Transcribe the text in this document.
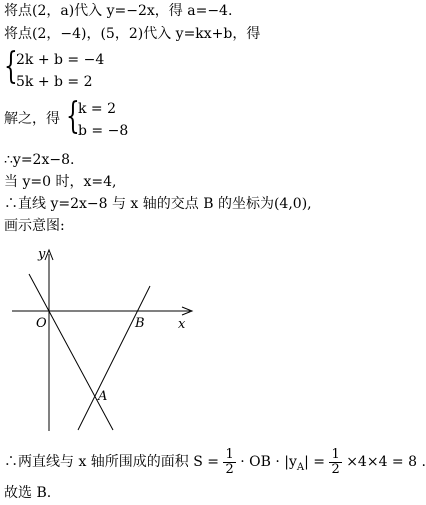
将点(2，a)代入 y=−2x，得 a=−4.
将点(2，−4)，(5，2)代入 y=kx+b，得
{
2k + b = −4
5k + b = 2
解之，得 {
k = 2
b = −8
∴y=2x−8.
当 y=0 时，x=4,
∴直线 y=2x−8 与 x 轴的交点 B 的坐标为(4,0),
画示意图:
y
x
O	B
A
∴两直线与 x 轴所围成的面积 $S = \frac{1}{2}$ · OB · $|y_A| = \frac{1}{2} \times 4\times 4 = 8$ .
故选 B.
